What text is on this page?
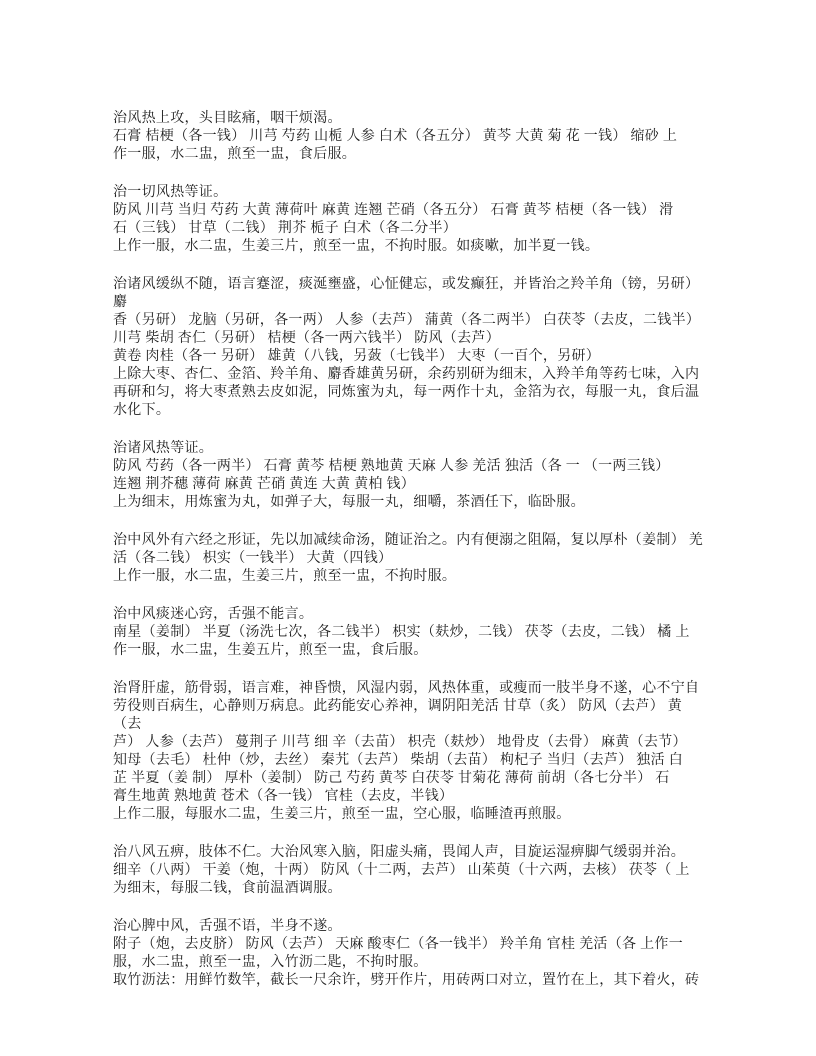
治风热上攻，头目眩痛，咽干烦渴。
石膏 桔梗（各一钱） 川芎 芍药 山栀 人参 白术（各五分） 黄芩 大黄 菊 花 一钱） 缩砂 上
作一服，水二盅，煎至一盅，食后服。
治一切风热等证。
防风 川芎 当归 芍药 大黄 薄荷叶 麻黄 连翘 芒硝（各五分） 石膏 黄芩 桔梗（各一钱） 滑
石（三钱） 甘草（二钱） 荆芥 栀子 白术（各二分半）
上作一服，水二盅，生姜三片，煎至一盅，不拘时服。如痰嗽，加半夏一钱。
治诸风缓纵不随，语言蹇涩，痰涎壅盛，心怔健忘，或发癫狂，并皆治之羚羊角（镑，另研） 麝
香（另研） 龙脑（另研，各一两） 人参（去芦） 蒲黄（各二两半） 白茯苓（去皮，二钱半）
川芎 柴胡 杏仁（另研） 桔梗（各一两六钱半） 防风（去芦）
黄卷 肉桂（各一 另研） 雄黄（八钱，另蔹（七钱半） 大枣（一百个，另研）
上除大枣、杏仁、金箔、羚羊角、麝香雄黄另研，余药别研为细末，入羚羊角等药七味，入内
再研和匀，将大枣煮熟去皮如泥，同炼蜜为丸，每一两作十丸，金箔为衣，每服一丸，食后温
水化下。
治诸风热等证。
防风 芍药（各一两半） 石膏 黄芩 桔梗 熟地黄 天麻 人参 羌活 独活（各 一 （一两三钱）
连翘 荆芥穗 薄荷 麻黄 芒硝 黄连 大黄 黄柏 钱）
上为细末，用炼蜜为丸，如弹子大，每服一丸，细嚼，茶酒任下，临卧服。
治中风外有六经之形证，先以加减续命汤，随证治之。内有便溺之阻隔，复以厚朴（姜制） 羌
活（各二钱） 枳实（一钱半） 大黄（四钱）
上作一服，水二盅，生姜三片，煎至一盅，不拘时服。
治中风痰迷心窍，舌强不能言。
南星（姜制） 半夏（汤洗七次，各二钱半） 枳实（麸炒，二钱） 茯苓（去皮，二钱） 橘 上
作一服，水二盅，生姜五片，煎至一盅，食后服。
治肾肝虚，筋骨弱，语言难，神昏愦，风湿内弱，风热体重，或瘦而一肢半身不遂，心不宁自
劳役则百病生，心静则万病息。此药能安心养神，调阴阳羌活 甘草（炙） 防风（去芦） 黄 （去
芦） 人参（去芦） 蔓荆子 川芎 细 辛（去苗） 枳壳（麸炒） 地骨皮（去骨） 麻黄（去节）
知母（去毛） 杜仲（炒，去丝） 秦艽（去芦） 柴胡（去苗） 枸杞子 当归（去芦） 独活 白
芷 半夏（姜 制） 厚朴（姜制） 防己 芍药 黄芩 白茯苓 甘菊花 薄荷 前胡（各七分半） 石
膏生地黄 熟地黄 苍术（各一钱） 官桂（去皮，半钱）
上作二服，每服水二盅，生姜三片，煎至一盅，空心服，临睡渣再煎服。
治八风五痹，肢体不仁。大治风寒入脑，阳虚头痛，畏闻人声，目旋运湿痹脚气缓弱并治。
细辛（八两） 干姜（炮，十两） 防风（十二两，去芦） 山茱萸（十六两，去核） 茯苓（ 上
为细末，每服二钱，食前温酒调服。
治心脾中风，舌强不语，半身不遂。
附子（炮，去皮脐） 防风（去芦） 天麻 酸枣仁（各一钱半） 羚羊角 官桂 羌活（各 上作一
服，水二盅，煎至一盅，入竹沥二匙，不拘时服。
取竹沥法：用鲜竹数竿，截长一尺余许，劈开作片，用砖两口对立，置竹在上，其下着火，砖
